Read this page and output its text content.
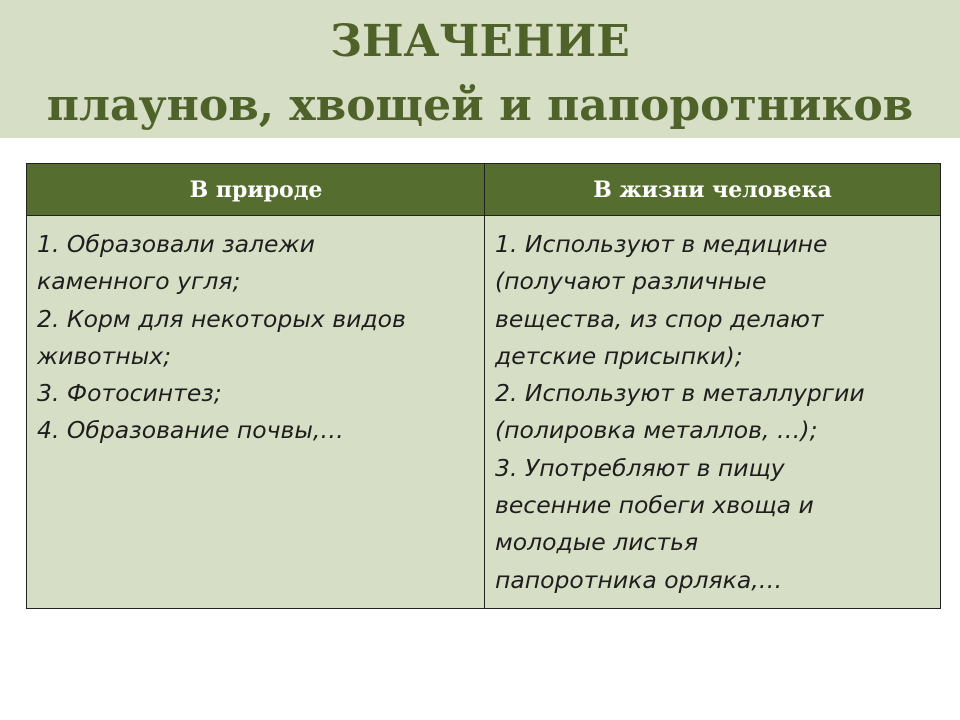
ЗНАЧЕНИЕ
плаунов, хвощей и папоротников
В природе	В жизни человека
1. Образовали залежи
каменного угля;
2. Корм для некоторых видов
животных;
3. Фотосинтез;
4. Образование почвы,…
1. Используют в медицине
(получают различные
вещества, из спор делают
детские присыпки);
2. Используют в металлургии
(полировка металлов, …);
3. Употребляют в пищу
весенние побеги хвоща и
молодые листья
папоротника орляка,…
